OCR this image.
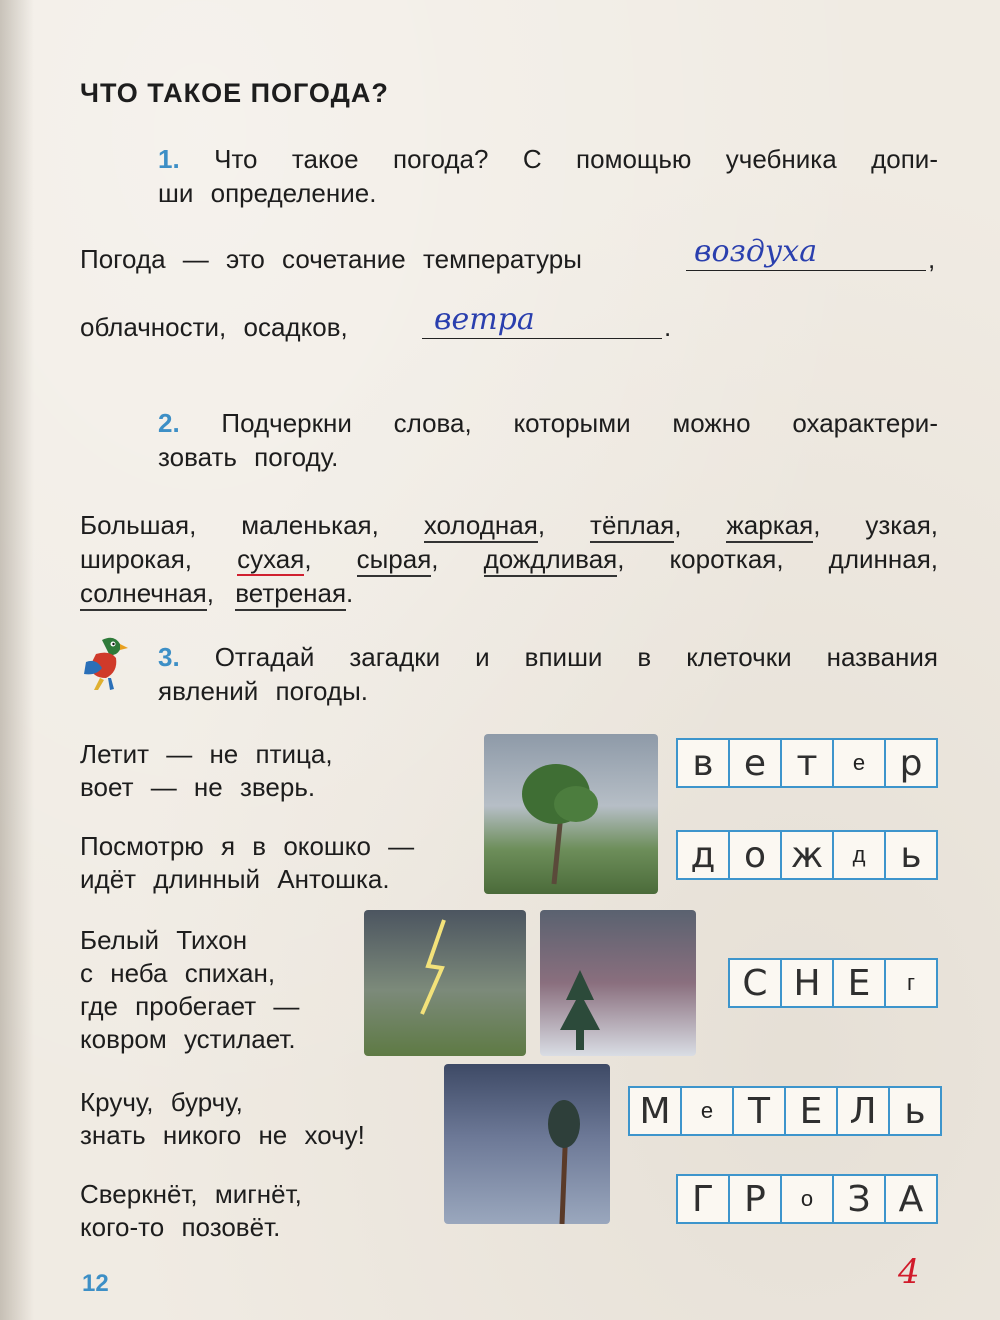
ЧТО ТАКОЕ ПОГОДА?
1. Что такое погода? С помощью учебника допи-
ши определение.
Погода — это сочетание температуры	воздуха	,
облачности, осадков,	ветра	.
2. Подчеркни слова, которыми можно охарактери-
зовать погоду.
Большая, маленькая, холодная, тёплая, жаркая, узкая,
широкая, сухая, сырая, дождливая, короткая, длинная,
солнечная, ветреная.
3. Отгадай загадки и впиши в клеточки названия
явлений погоды.
Летит — не птица,
воет — не зверь.
в е т	е р
Посмотрю я в окошко —
идёт длинный Антошка.
д о ж	д ь
Белый Тихон
с неба спихан,
где пробегает —
ковром устилает.
С Н Е	г
Кручу, бурчу,
знать никого не хочу!
М	е Т Е Л ь
Сверкнёт, мигнёт,
кого-то позовёт.
Г Р	о З А
12	4
